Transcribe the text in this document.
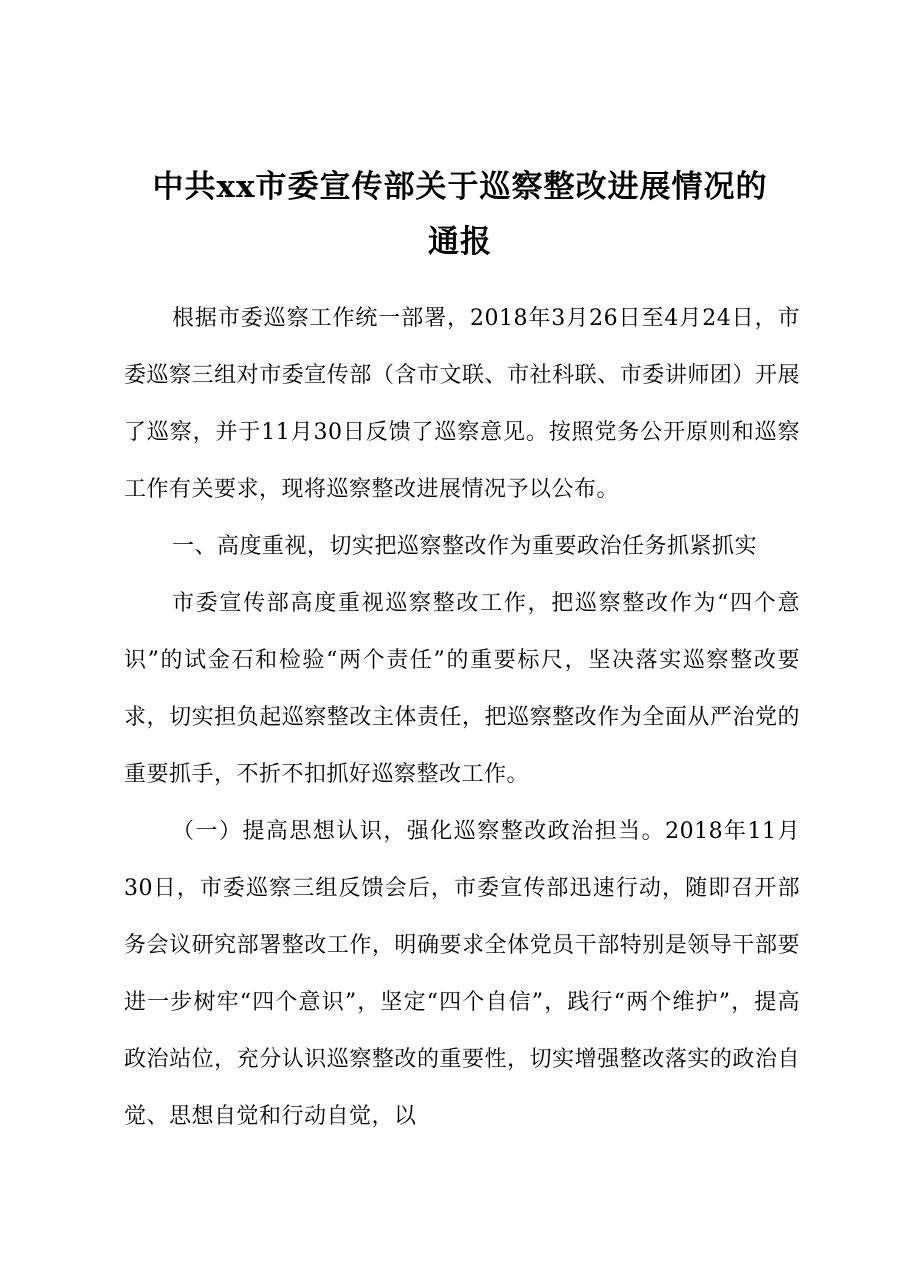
中共xx市委宣传部关于巡察整改进展情况的
通报

根据市委巡察工作统一部署，2018年3月26日至4月24日，市委巡察三组对市委宣传部（含市文联、市社科联、市委讲师团）开展了巡察，并于11月30日反馈了巡察意见。按照党务公开原则和巡察工作有关要求，现将巡察整改进展情况予以公布。

一、高度重视，切实把巡察整改作为重要政治任务抓紧抓实

市委宣传部高度重视巡察整改工作，把巡察整改作为“四个意识”的试金石和检验“两个责任”的重要标尺，坚决落实巡察整改要求，切实担负起巡察整改主体责任，把巡察整改作为全面从严治党的重要抓手，不折不扣抓好巡察整改工作。

（一）提高思想认识，强化巡察整改政治担当。2018年11月30日，市委巡察三组反馈会后，市委宣传部迅速行动，随即召开部务会议研究部署整改工作，明确要求全体党员干部特别是领导干部要进一步树牢“四个意识”，坚定“四个自信”，践行“两个维护”，提高政治站位，充分认识巡察整改的重要性，切实增强整改落实的政治自觉、思想自觉和行动自觉，以
